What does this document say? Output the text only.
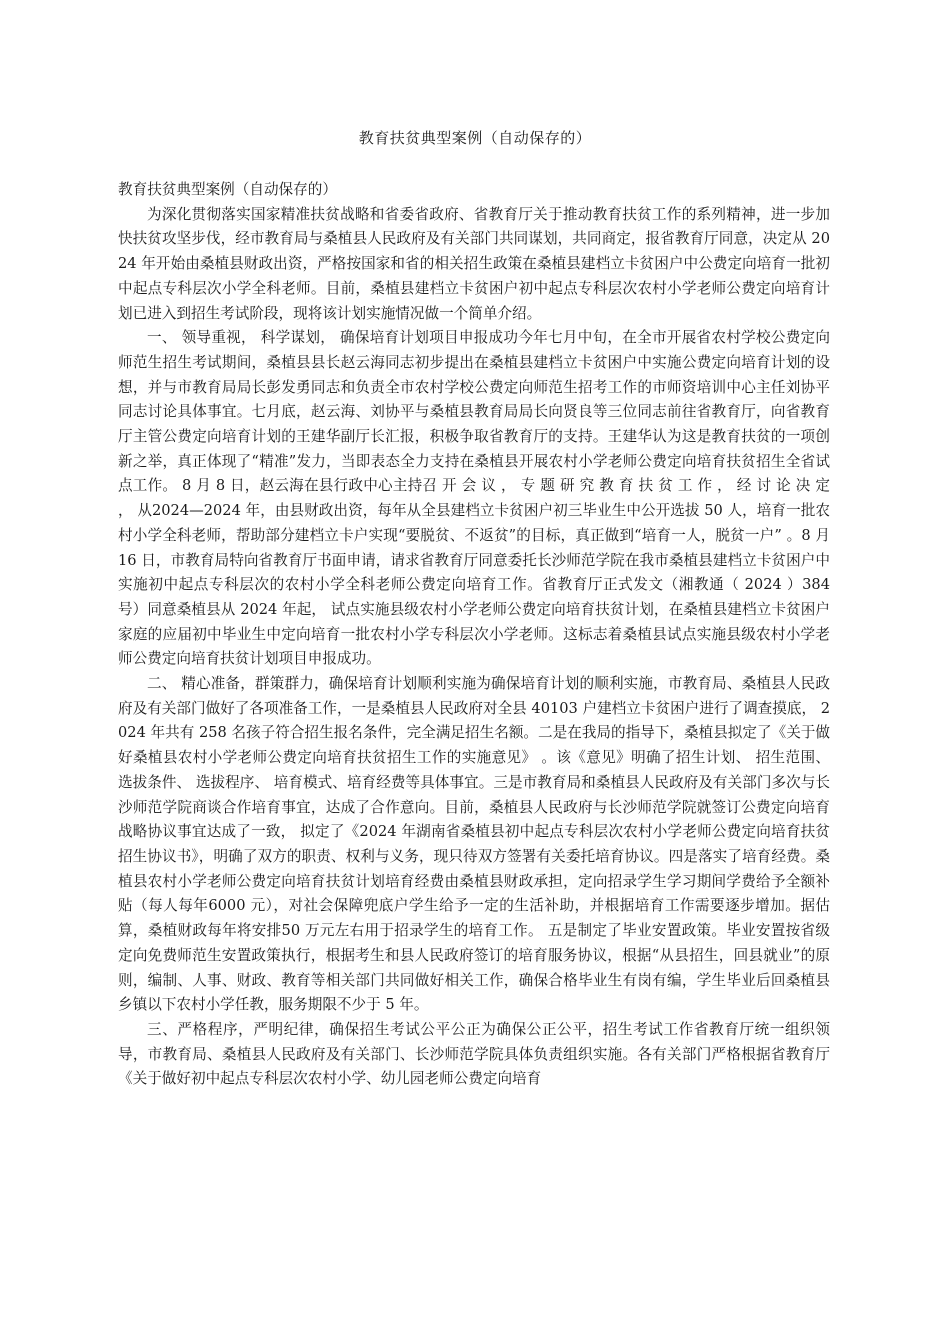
教育扶贫典型案例（自动保存的）

教育扶贫典型案例（自动保存的）

为深化贯彻落实国家精准扶贫战略和省委省政府、省教育厅关于推动教育扶贫工作的系列精神，进一步加快扶贫攻坚步伐，经市教育局与桑植县人民政府及有关部门共同谋划，共同商定，报省教育厅同意，决定从 2024 年开始由桑植县财政出资，严格按国家和省的相关招生政策在桑植县建档立卡贫困户中公费定向培育一批初中起点专科层次小学全科老师。目前，桑植县建档立卡贫困户初中起点专科层次农村小学老师公费定向培育计划已进入到招生考试阶段，现将该计划实施情况做一个简单介绍。

一、 领导重视， 科学谋划， 确保培育计划项目申报成功今年七月中旬，在全市开展省农村学校公费定向师范生招生考试期间，桑植县县长赵云海同志初步提出在桑植县建档立卡贫困户中实施公费定向培育计划的设想，并与市教育局局长彭发勇同志和负责全市农村学校公费定向师范生招考工作的市师资培训中心主任刘协平同志讨论具体事宜。七月底，赵云海、刘协平与桑植县教育局局长向贤良等三位同志前往省教育厅，向省教育厅主管公费定向培育计划的王建华副厅长汇报，积极争取省教育厅的支持。王建华认为这是教育扶贫的一项创新之举，真正体现了“精准”发力，当即表态全力支持在桑植县开展农村小学老师公费定向培育扶贫招生全省试点工作。 8 月 8 日，赵云海在县行政中心主持召 开 会 议 ， 专 题 研 究 教 育 扶 贫 工 作 ， 经 讨 论 决 定 ， 从2024—2024 年，由县财政出资，每年从全县建档立卡贫困户初三毕业生中公开选拔 50 人，培育一批农村小学全科老师，帮助部分建档立卡户实现“要脱贫、不返贫”的目标，真正做到“培育一人，脱贫一户” 。8 月 16 日，市教育局特向省教育厅书面申请，请求省教育厅同意委托长沙师范学院在我市桑植县建档立卡贫困户中实施初中起点专科层次的农村小学全科老师公费定向培育工作。省教育厅正式发文（湘教通（ 2024 ）384 号）同意桑植县从 2024 年起， 试点实施县级农村小学老师公费定向培育扶贫计划，在桑植县建档立卡贫困户家庭的应届初中毕业生中定向培育一批农村小学专科层次小学老师。这标志着桑植县试点实施县级农村小学老师公费定向培育扶贫计划项目申报成功。

二、 精心准备，群策群力，确保培育计划顺利实施为确保培育计划的顺利实施，市教育局、桑植县人民政府及有关部门做好了各项准备工作，一是桑植县人民政府对全县 40103 户建档立卡贫困户进行了调查摸底， 2024 年共有 258 名孩子符合招生报名条件，完全满足招生名额。二是在我局的指导下，桑植县拟定了《关于做好桑植县农村小学老师公费定向培育扶贫招生工作的实施意见》 。该《意见》明确了招生计划、 招生范围、 选拔条件、 选拔程序、 培育模式、培育经费等具体事宜。三是市教育局和桑植县人民政府及有关部门多次与长沙师范学院商谈合作培育事宜，达成了合作意向。目前，桑植县人民政府与长沙师范学院就签订公费定向培育战略协议事宜达成了一致， 拟定了《2024 年湖南省桑植县初中起点专科层次农村小学老师公费定向培育扶贫招生协议书》，明确了双方的职责、权利与义务，现只待双方签署有关委托培育协议。四是落实了培育经费。桑植县农村小学老师公费定向培育扶贫计划培育经费由桑植县财政承担，定向招录学生学习期间学费给予全额补贴（每人每年6000 元），对社会保障兜底户学生给予一定的生活补助，并根据培育工作需要逐步增加。据估算，桑植财政每年将安排50 万元左右用于招录学生的培育工作。 五是制定了毕业安置政策。毕业安置按省级定向免费师范生安置政策执行，根据考生和县人民政府签订的培育服务协议，根据“从县招生，回县就业”的原则，编制、人事、财政、教育等相关部门共同做好相关工作，确保合格毕业生有岗有编，学生毕业后回桑植县乡镇以下农村小学任教，服务期限不少于 5 年。

三、严格程序，严明纪律，确保招生考试公平公正为确保公正公平，招生考试工作省教育厅统一组织领导，市教育局、桑植县人民政府及有关部门、长沙师范学院具体负责组织实施。各有关部门严格根据省教育厅《关于做好初中起点专科层次农村小学、幼儿园老师公费定向培育
